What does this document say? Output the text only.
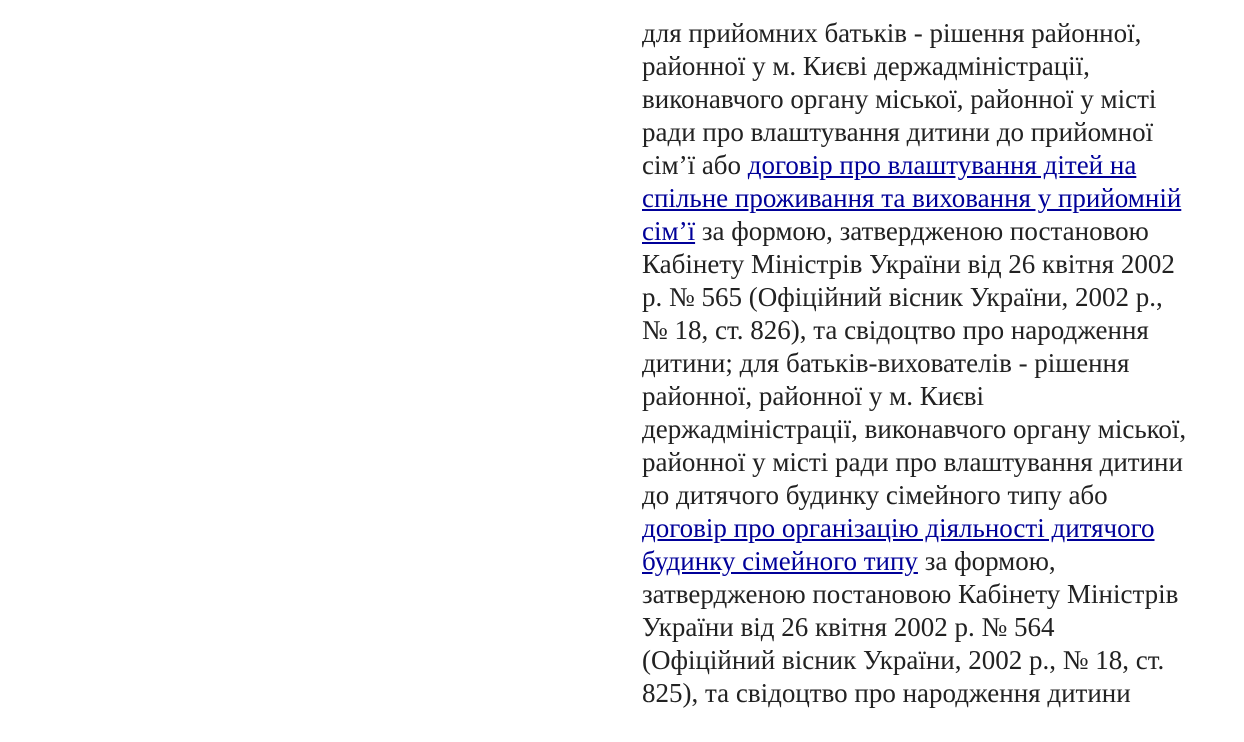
для прийомних батьків - рішення районної,
районної у м. Києві держадміністрації,
виконавчого органу міської, районної у місті
ради про влаштування дитини до прийомної
сім’ї або договір про влаштування дітей на
спільне проживання та виховання у прийомній
сім’ї за формою, затвердженою постановою
Кабінету Міністрів України від 26 квітня 2002
р. № 565 (Офіційний вісник України, 2002 р.,
№ 18, ст. 826), та свідоцтво про народження
дитини; для батьків-вихователів - рішення
районної, районної у м. Києві
держадміністрації, виконавчого органу міської,
районної у місті ради про влаштування дитини
до дитячого будинку сімейного типу або
договір про організацію діяльності дитячого
будинку сімейного типу за формою,
затвердженою постановою Кабінету Міністрів
України від 26 квітня 2002 р. № 564
(Офіційний вісник України, 2002 р., № 18, ст.
825), та свідоцтво про народження дитини
